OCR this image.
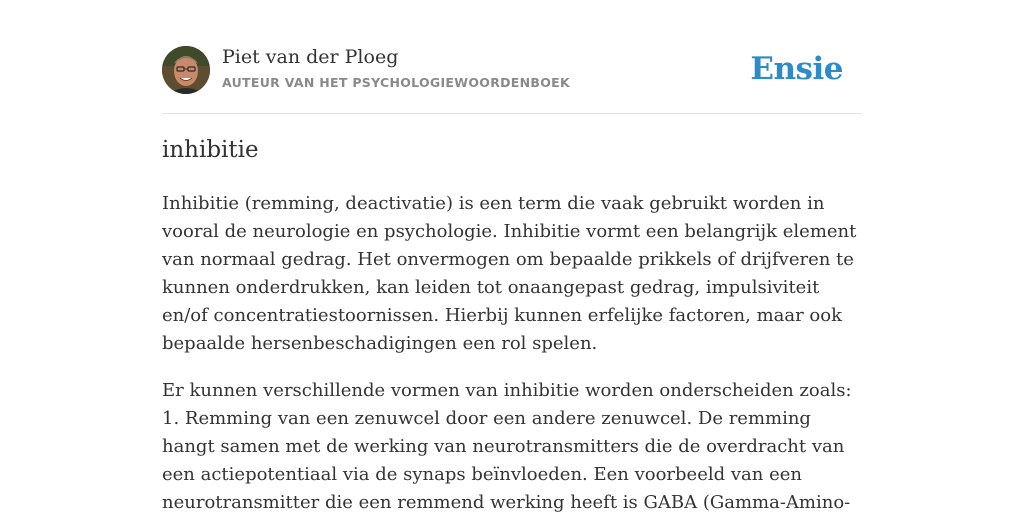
Piet van der Ploeg
AUTEUR VAN HET PSYCHOLOGIEWOORDENBOEK	Ensie
inhibitie

Inhibitie (remming, deactivatie) is een term die vaak gebruikt worden in vooral de neurologie en psychologie. Inhibitie vormt een belangrijk element van normaal gedrag. Het onvermogen om bepaalde prikkels of drijfveren te kunnen onderdrukken, kan leiden tot onaangepast gedrag, impulsiviteit en/of concentratiestoornissen. Hierbij kunnen erfelijke factoren, maar ook bepaalde hersenbeschadigingen een rol spelen.

Er kunnen verschillende vormen van inhibitie worden onderscheiden zoals:
1. Remming van een zenuwcel door een andere zenuwcel. De remming hangt samen met de werking van neurotransmitters die de overdracht van een actiepotentiaal via de synaps beïnvloeden. Een voorbeeld van een neurotransmitter die een remmend werking heeft is GABA (Gamma-Amino-
